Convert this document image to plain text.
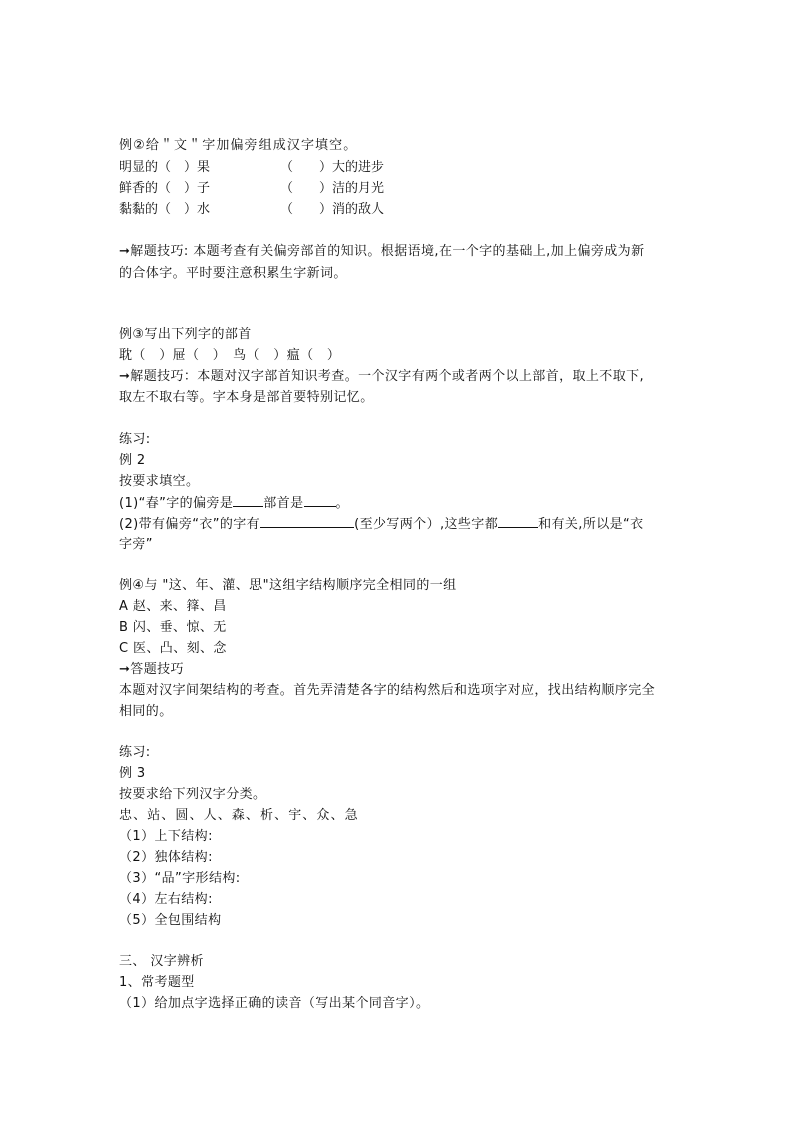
例②给＂文＂字加偏旁组成汉字填空。
明显的（　）果	（　　）大的进步
鲜香的（　）子	（　　）洁的月光
黏黏的（　）水	（　　）消的敌人
➞解题技巧: 本题考查有关偏旁部首的知识。根据语境,在一个字的基础上,加上偏旁成为新
的合体字。平时要注意积累生字新词。
例③写出下列字的部首
耽（　）屉（　）　鸟（　）瘟（　）
➞解题技巧：本题对汉字部首知识考查。一个汉字有两个或者两个以上部首，取上不取下,
取左不取右等。字本身是部首要特别记忆。
练习:
例 2
按要求填空。
(1)“春”字的偏旁是 部首是 。
(2)带有偏旁“衣”的字有	(至少写两个）,这些字都	和有关,所以是“衣
字旁”
例④与 "这、年、灌、思"这组字结构顺序完全相同的一组
A 赵、来、箨、昌
B 闪、垂、惊、无
C 医、凸、刻、念
➞答题技巧
本题对汉字间架结构的考查。首先弄清楚各字的结构然后和选项字对应，找出结构顺序完全
相同的。
练习:
例 3
按要求给下列汉字分类。
忠、站、圆、人、森、析、宇、众、急
（1）上下结构:
（2）独体结构:
（3）“品”字形结构:
（4）左右结构:
（5）全包围结构
三、 汉字辨析
1、常考题型
（1）给加点字选择正确的读音（写出某个同音字）。
